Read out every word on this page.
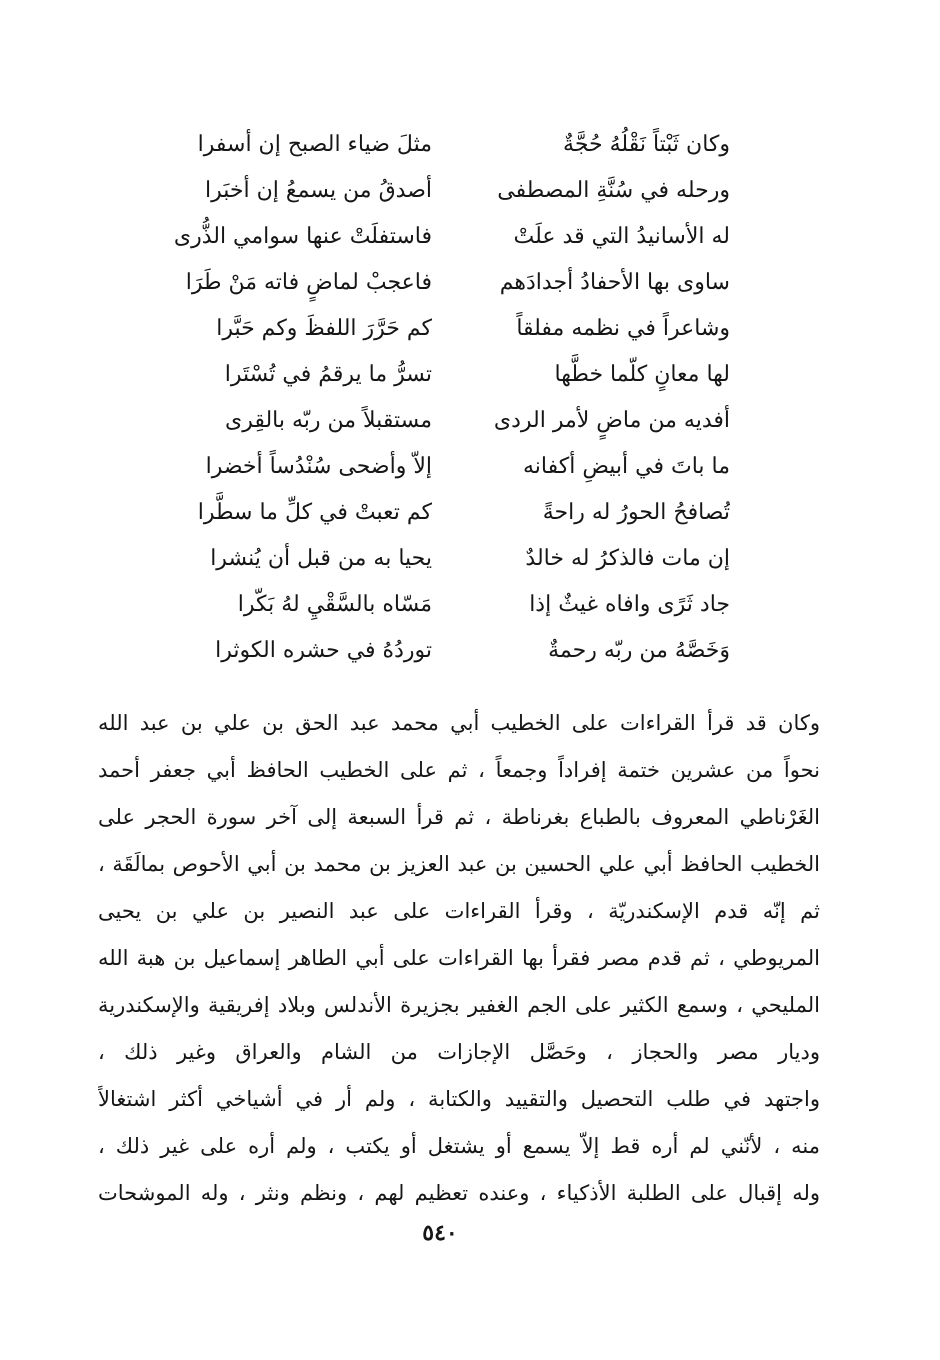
وكان ثَبْتاً نَقْلُهُ حُجَّةٌ
مثلَ ضياء الصبح إن أسفرا
ورحله في سُنَّةِ المصطفى
أصدقُ من يسمعُ إن أخبَرا
له الأسانيدُ التي قد علَتْ
فاستفلَتْ عنها سوامي الذُّرى
ساوى بها الأحفادُ أجدادَهم
فاعجبْ لماضٍ فاته مَنْ طَرَا
وشاعراً في نظمه مفلقاً
كم حَرَّرَ اللفظَ وكم حَبَّرا
لها معانٍ كلّما خطَّها
تسرُّ ما يرقمُ في تُسْتَرا
أفديه من ماضٍ لأمر الردى
مستقبلاً من ربّه بالقِرى
ما باتَ في أبيضِ أكفانه
إلاّ وأضحى سُنْدُساً أخضرا
تُصافحُ الحورُ له راحةً
كم تعبتْ في كلِّ ما سطَّرا
إن مات فالذكرُ له خالدٌ
يحيا به من قبل أن يُنشرا
جاد ثَرًى وافاه غيثٌ إذا
مَسّاه بالسَّقْيِ لهُ بَكّرا
وَخَصَّهُ من ربّه رحمةٌ
توردُهُ في حشره الكوثرا
وكان قد قرأ القراءات على الخطيب أبي محمد عبد الحق بن علي بن عبد الله
نحواً من عشرين ختمة إفراداً وجمعاً ، ثم على الخطيب الحافظ أبي جعفر أحمد
الغَرْناطي المعروف بالطباع بغرناطة ، ثم قرأ السبعة إلى آخر سورة الحجر على
الخطيب الحافظ أبي علي الحسين بن عبد العزيز بن محمد بن أبي الأحوص بمالَقَة ،
ثم إنّه قدم الإسكندريّة ، وقرأ القراءات على عبد النصير بن علي بن يحيى
المريوطي ، ثم قدم مصر فقرأ بها القراءات على أبي الطاهر إسماعيل بن هبة الله
المليحي ، وسمع الكثير على الجم الغفير بجزيرة الأندلس وبلاد إفريقية والإسكندرية
وديار مصر والحجاز ، وحَصَّل الإجازات من الشام والعراق وغير ذلك ،
واجتهد في طلب التحصيل والتقييد والكتابة ، ولم أر في أشياخي أكثر اشتغالاً
منه ، لأنّني لم أره قط إلاّ يسمع أو يشتغل أو يكتب ، ولم أره على غير ذلك ،
وله إقبال على الطلبة الأذكياء ، وعنده تعظيم لهم ، ونظم ونثر ، وله الموشحات
٥٤٠
